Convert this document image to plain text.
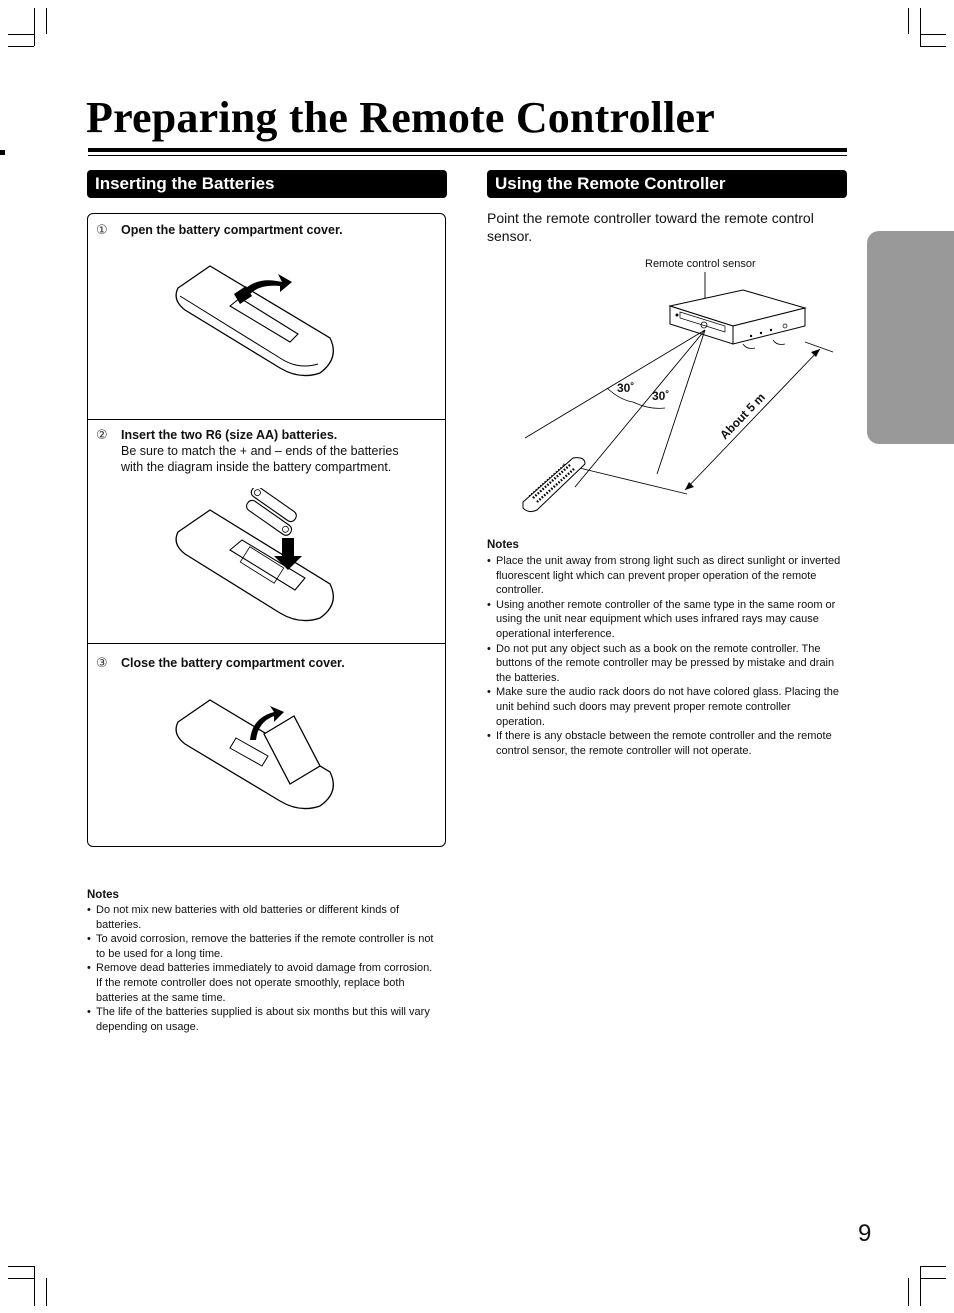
Preparing the Remote Controller
Inserting the Batteries
① Open the battery compartment cover.
② Insert the two R6 (size AA) batteries.
Be sure to match the + and – ends of the batteries with the diagram inside the battery compartment.
③ Close the battery compartment cover.
Notes
• Do not mix new batteries with old batteries or different kinds of batteries.
• To avoid corrosion, remove the batteries if the remote controller is not to be used for a long time.
• Remove dead batteries immediately to avoid damage from corrosion. If the remote controller does not operate smoothly, replace both batteries at the same time.
• The life of the batteries supplied is about six months but this will vary depending on usage.
Using the Remote Controller
Point the remote controller toward the remote control sensor.
Remote control sensor
30˚
30˚	About 5 m
Notes
• Place the unit away from strong light such as direct sunlight or inverted fluorescent light which can prevent proper operation of the remote controller.
• Using another remote controller of the same type in the same room or using the unit near equipment which uses infrared rays may cause operational interference.
• Do not put any object such as a book on the remote controller. The buttons of the remote controller may be pressed by mistake and drain the batteries.
• Make sure the audio rack doors do not have colored glass. Placing the unit behind such doors may prevent proper remote controller operation.
• If there is any obstacle between the remote controller and the remote control sensor, the remote controller will not operate.
9
